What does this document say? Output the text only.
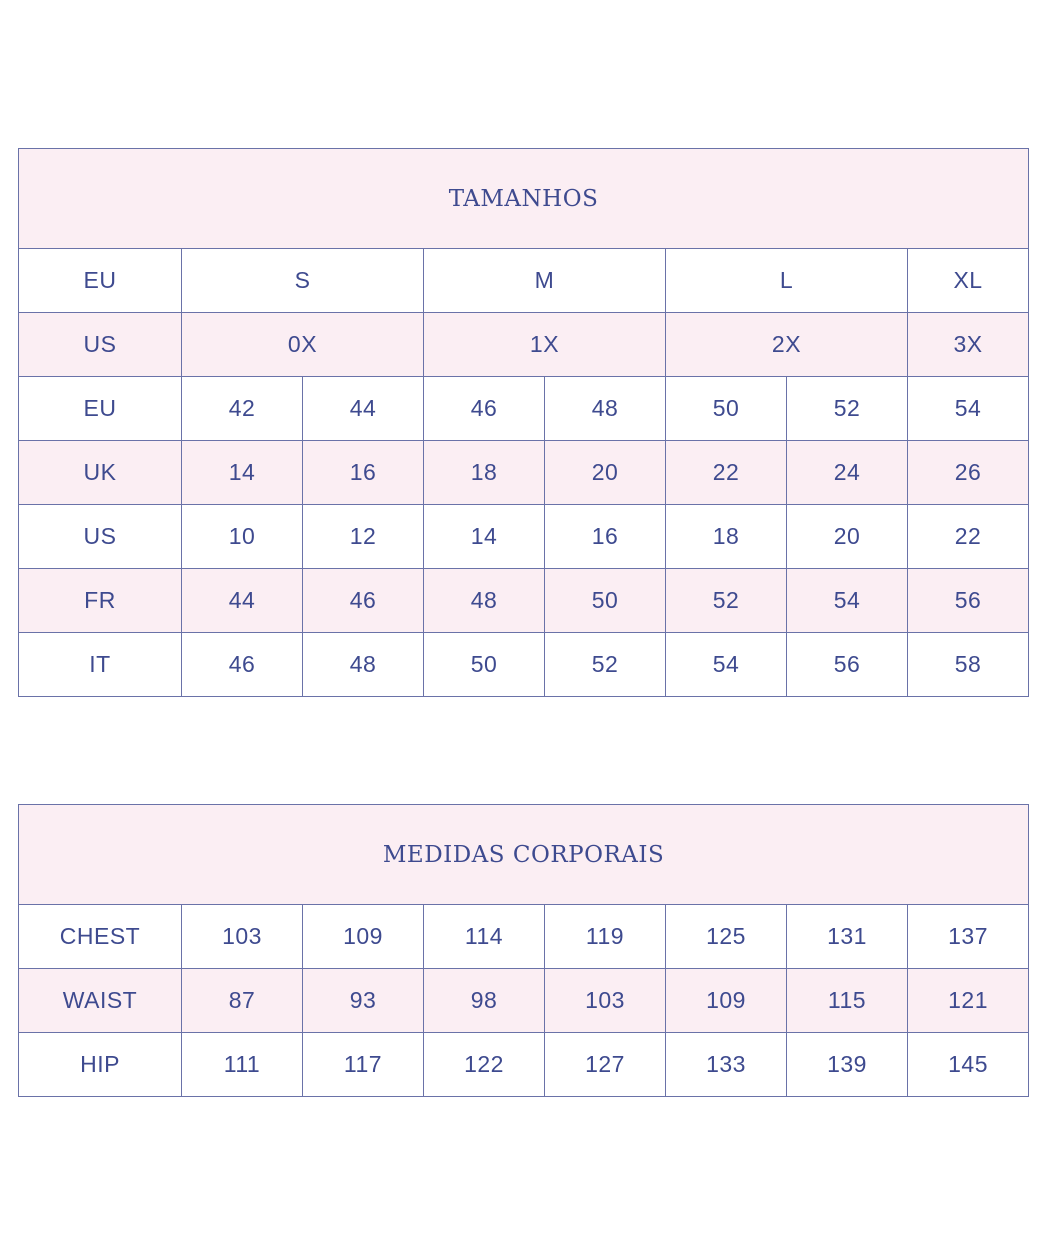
TAMANHOS							
EU	S		M		L		XL
US	0X		1X		2X		3X
EU	42	44	46	48	50	52	54
UK	14	16	18	20	22	24	26
US	10	12	14	16	18	20	22
FR	44	46	48	50	52	54	56
IT	46	48	50	52	54	56	58
MEDIDAS CORPORAIS							
CHEST	103	109	114	119	125	131	137
WAIST	87	93	98	103	109	115	121
HIP	111	117	122	127	133	139	145
